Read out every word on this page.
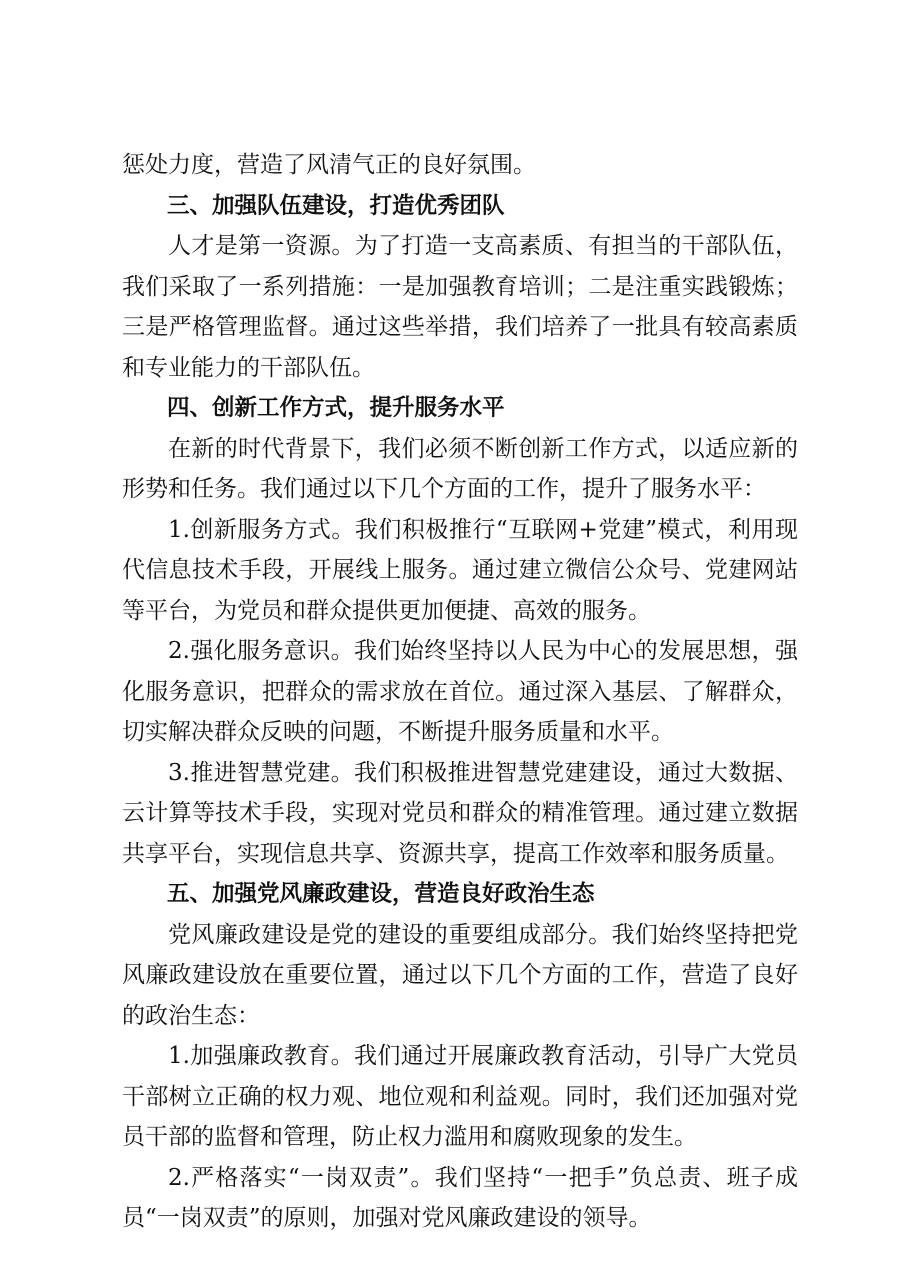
惩处力度，营造了风清气正的良好氛围。

三、加强队伍建设，打造优秀团队

人才是第一资源。为了打造一支高素质、有担当的干部队伍，我们采取了一系列措施：一是加强教育培训；二是注重实践锻炼；三是严格管理监督。通过这些举措，我们培养了一批具有较高素质和专业能力的干部队伍。

四、创新工作方式，提升服务水平

在新的时代背景下，我们必须不断创新工作方式，以适应新的形势和任务。我们通过以下几个方面的工作，提升了服务水平：

1.创新服务方式。我们积极推行“互联网+党建”模式，利用现代信息技术手段，开展线上服务。通过建立微信公众号、党建网站等平台，为党员和群众提供更加便捷、高效的服务。

2.强化服务意识。我们始终坚持以人民为中心的发展思想，强化服务意识，把群众的需求放在首位。通过深入基层、了解群众，切实解决群众反映的问题，不断提升服务质量和水平。

3.推进智慧党建。我们积极推进智慧党建建设，通过大数据、云计算等技术手段，实现对党员和群众的精准管理。通过建立数据共享平台，实现信息共享、资源共享，提高工作效率和服务质量。

五、加强党风廉政建设，营造良好政治生态

党风廉政建设是党的建设的重要组成部分。我们始终坚持把党风廉政建设放在重要位置，通过以下几个方面的工作，营造了良好的政治生态：

1.加强廉政教育。我们通过开展廉政教育活动，引导广大党员干部树立正确的权力观、地位观和利益观。同时，我们还加强对党员干部的监督和管理，防止权力滥用和腐败现象的发生。

2.严格落实“一岗双责”。我们坚持“一把手”负总责、班子成员“一岗双责”的原则，加强对党风廉政建设的领导。
